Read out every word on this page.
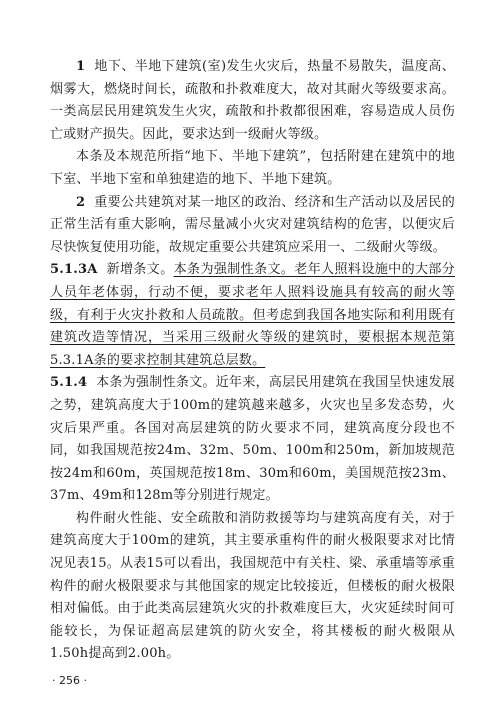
1 地下、半地下建筑(室)发生火灾后，热量不易散失，温度高、烟雾大，燃烧时间长，疏散和扑救难度大，故对其耐火等级要求高。一类高层民用建筑发生火灾，疏散和扑救都很困难，容易造成人员伤亡或财产损失。因此，要求达到一级耐火等级。

本条及本规范所指“地下、半地下建筑”，包括附建在建筑中的地下室、半地下室和单独建造的地下、半地下建筑。

2 重要公共建筑对某一地区的政治、经济和生产活动以及居民的正常生活有重大影响，需尽量减小火灾对建筑结构的危害，以便灾后尽快恢复使用功能，故规定重要公共建筑应采用一、二级耐火等级。

5.1.3A 新增条文。本条为强制性条文。老年人照料设施中的大部分人员年老体弱，行动不便，要求老年人照料设施具有较高的耐火等级，有利于火灾扑救和人员疏散。但考虑到我国各地实际和利用既有建筑改造等情况，当采用三级耐火等级的建筑时，要根据本规范第5.3.1A条的要求控制其建筑总层数。

5.1.4 本条为强制性条文。近年来，高层民用建筑在我国呈快速发展之势，建筑高度大于100m的建筑越来越多，火灾也呈多发态势，火灾后果严重。各国对高层建筑的防火要求不同，建筑高度分段也不同，如我国规范按24m、32m、50m、100m和250m，新加坡规范按24m和60m，英国规范按18m、30m和60m，美国规范按23m、37m、49m和128m等分别进行规定。

构件耐火性能、安全疏散和消防救援等均与建筑高度有关，对于建筑高度大于100m的建筑，其主要承重构件的耐火极限要求对比情况见表15。从表15可以看出，我国规范中有关柱、梁、承重墙等承重构件的耐火极限要求与其他国家的规定比较接近，但楼板的耐火极限相对偏低。由于此类高层建筑火灾的扑救难度巨大，火灾延续时间可能较长，为保证超高层建筑的防火安全，将其楼板的耐火极限从1.50h提高到2.00h。

· 256 ·
